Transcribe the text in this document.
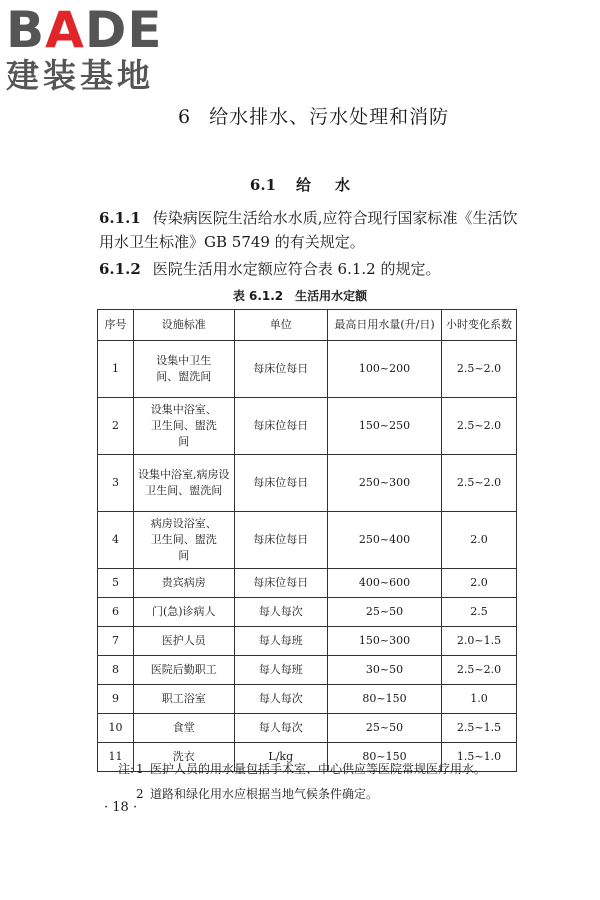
BADE
建装基地
6 给水排水、污水处理和消防
6.1 给 水
6.1.1 传染病医院生活给水水质,应符合现行国家标准《生活饮用水卫生标准》GB 5749 的有关规定。
6.1.2 医院生活用水定额应符合表 6.1.2 的规定。
表 6.1.2 生活用水定额
序号	设施标准	单位	最高日用水量(升/日)	小时变化系数
1	设集中卫生间、盥洗间	每床位每日	100~200	2.5~2.0
2	设集中浴室、卫生间、盥洗间	每床位每日	150~250	2.5~2.0
3	设集中浴室,病房设卫生间、盥洗间	每床位每日	250~300	2.5~2.0
4	病房设浴室、卫生间、盥洗间	每床位每日	250~400	2.0
5	贵宾病房	每床位每日	400~600	2.0
6	门(急)诊病人	每人每次	25~50	2.5
7	医护人员	每人每班	150~300	2.0~1.5
8	医院后勤职工	每人每班	30~50	2.5~2.0
9	职工浴室	每人每次	80~150	1.0
10	食堂	每人每次	25~50	2.5~1.5
11	洗衣	L/kg	80~150	1.5~1.0
注: 1 医护人员的用水量包括手术室、中心供应等医院常规医疗用水。
2 道路和绿化用水应根据当地气候条件确定。
· 18 ·
